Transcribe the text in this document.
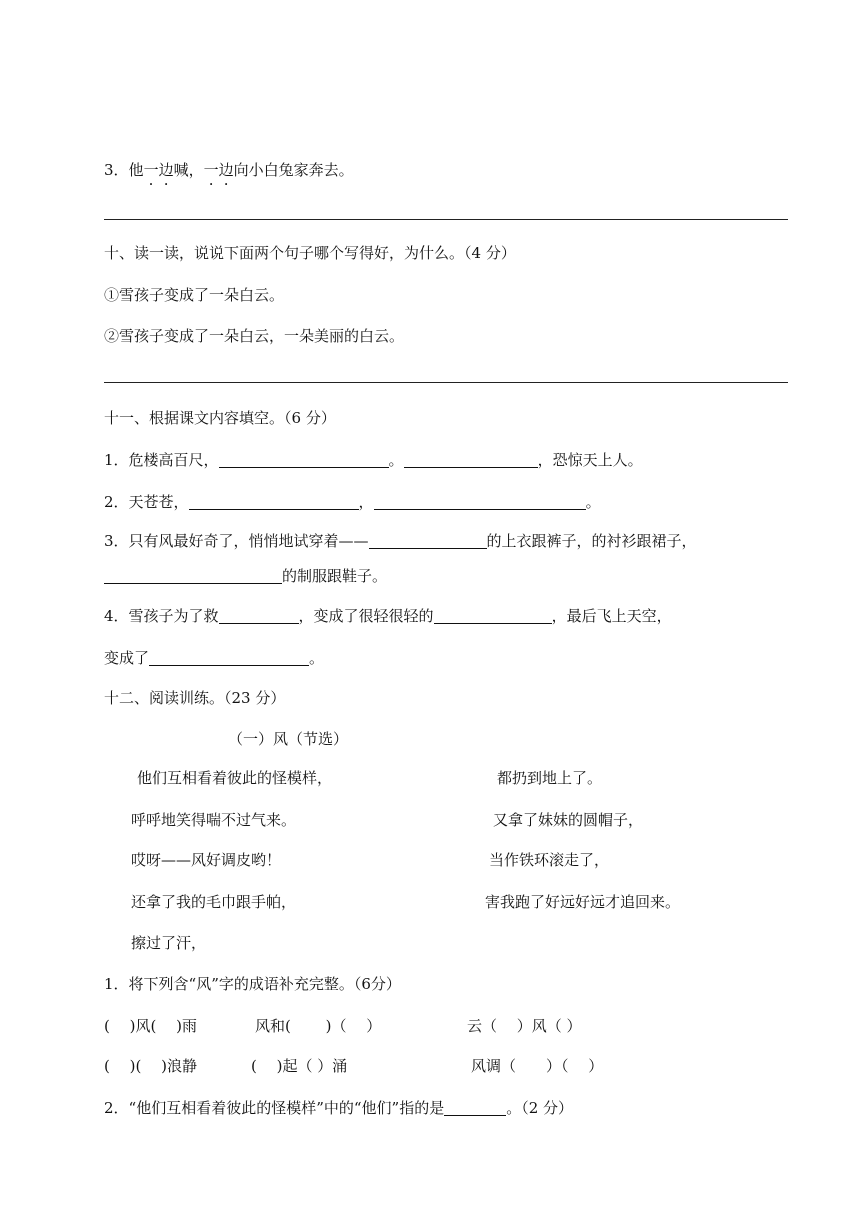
3．他一边喊，一边向小白兔家奔去。
十、读一读，说说下面两个句子哪个写得好，为什么。（4 分）
①雪孩子变成了一朵白云。
②雪孩子变成了一朵白云，一朵美丽的白云。
十一、根据课文内容填空。（6 分）
1．危楼高百尺，	。	，恐惊天上人。
2．天苍苍，	，	。
3．只有风最好奇了，悄悄地试穿着——	的上衣跟裤子，的衬衫跟裙子，
的制服跟鞋子。
4．雪孩子为了救	，变成了很轻很轻的	，最后飞上天空，
变成了	。
十二、阅读训练。（23 分）
（一）风（节选）
他们互相看着彼此的怪模样，
呼呼地笑得喘不过气来。
哎呀——风好调皮哟！
还拿了我的毛巾跟手帕，
擦过了汗，
都扔到地上了。
又拿了妹妹的圆帽子，
当作铁环滚走了，
害我跑了好远好远才追回来。
1．将下列含“风”字的成语补充完整。（6分）
(  )风(  )雨	风和(   )（  ）	云（  ）风（ ）
(  )(  )浪静	(  )起（ ）涌	风调（  ）（  ）
2．“他们互相看着彼此的怪模样”中的“他们”指的是	。（2 分）
